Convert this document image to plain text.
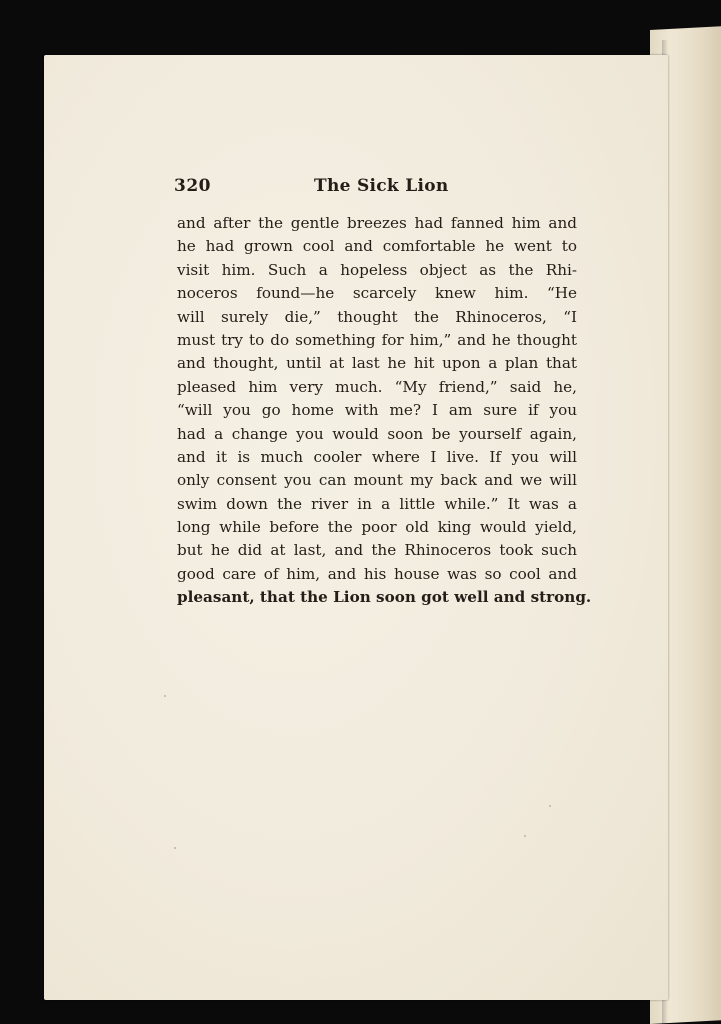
320	The Sick Lion
and after the gentle breezes had fanned him and
he had grown cool and comfortable he went to
visit him. Such a hopeless object as the Rhi-
noceros found—he scarcely knew him. “He
will surely die,” thought the Rhinoceros, “I
must try to do something for him,” and he thought
and thought, until at last he hit upon a plan that
pleased him very much. “My friend,” said he,
“will you go home with me? I am sure if you
had a change you would soon be yourself again,
and it is much cooler where I live. If you will
only consent you can mount my back and we will
swim down the river in a little while.” It was a
long while before the poor old king would yield,
but he did at last, and the Rhinoceros took such
good care of him, and his house was so cool and
pleasant, that the Lion soon got well and strong.
